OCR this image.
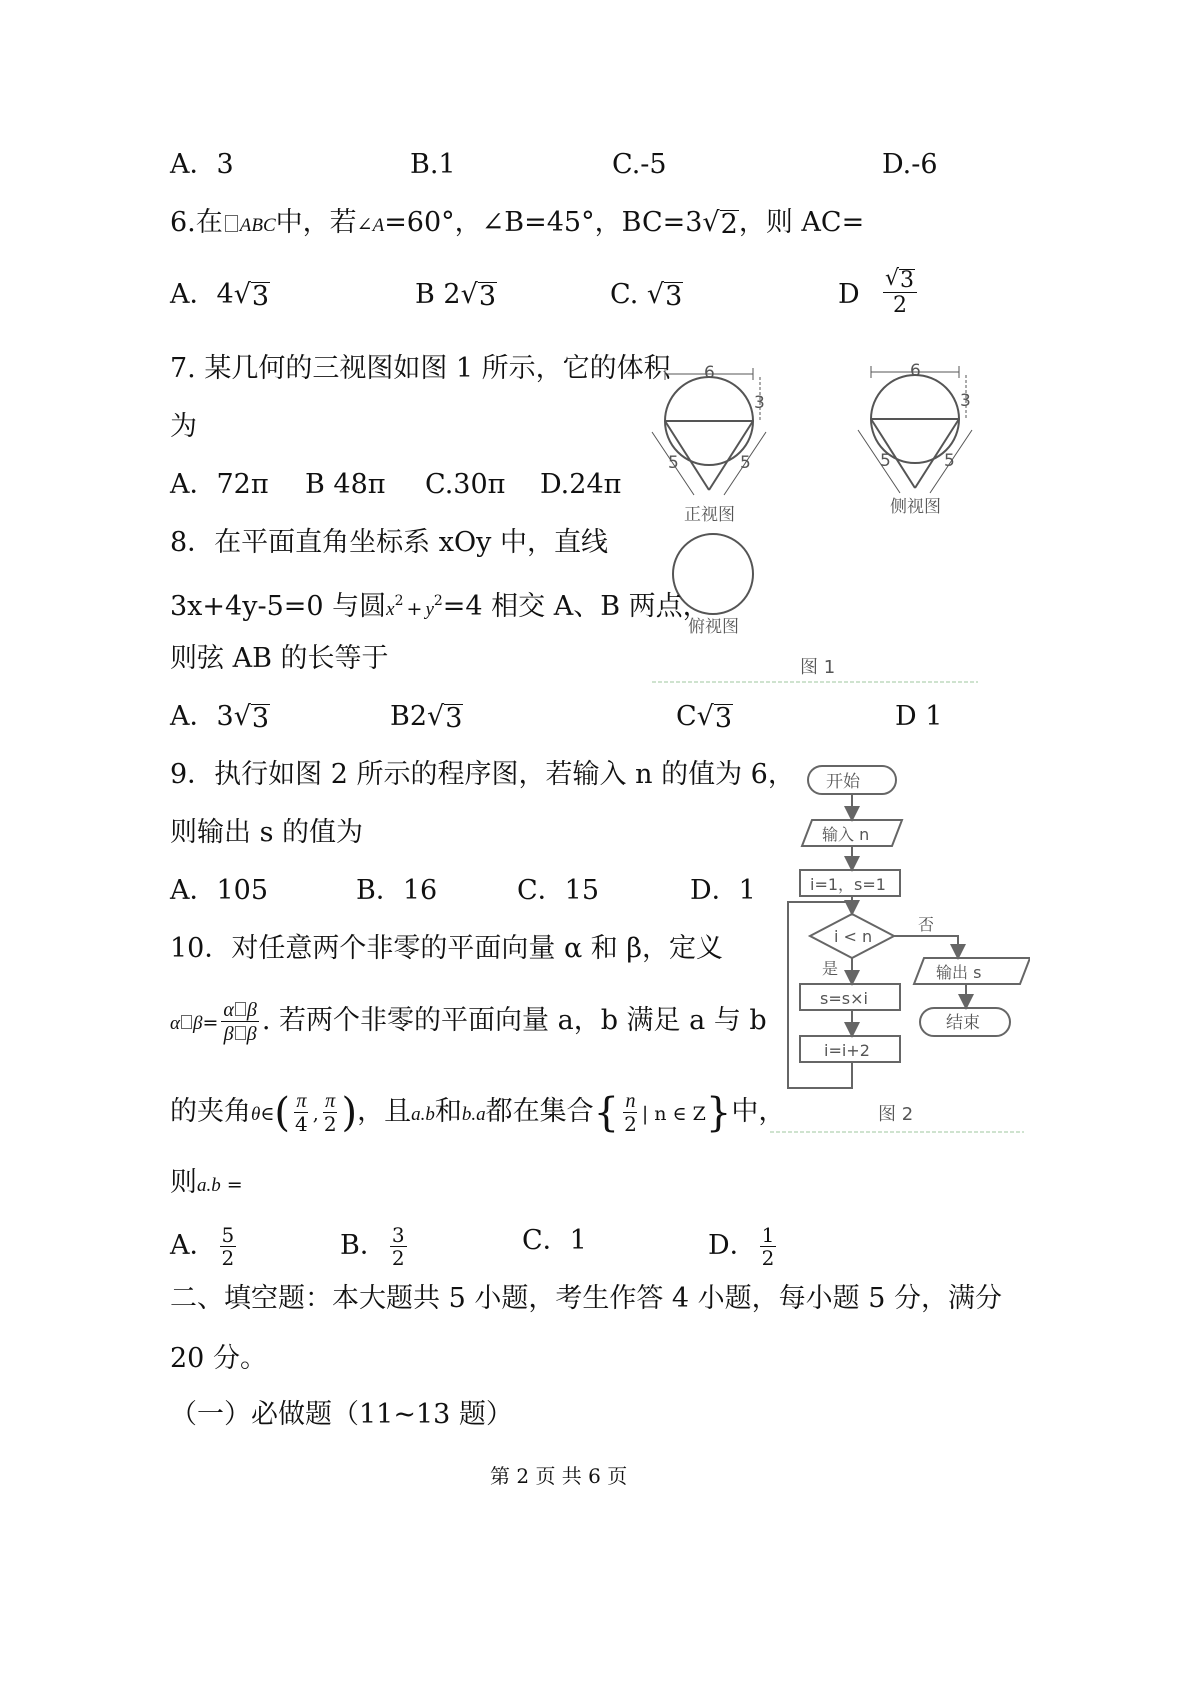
A．3	B.1	C.-5	D.-6
6.在 ABC中，若∠A=60°，∠B=45°，BC=3 √ 2 ，则 AC=
A．4 √ 3	B 2 √ 3	C. √ 3	D $\frac{√ 3}{2}$
7. 某几何的三视图如图 1 所示，它的体积
为
A．72π B 48π C.30π D.24π
6
3
5	5
正视图
6
3
5	5
侧视图
俯视图
图 1
8．在平面直角坐标系 xOy 中，直线
3x+4y-5=0 与圆$x^2 + y^2=4$ 相交 A、B 两点，
则弦 AB 的长等于
A．3 √ 3	B2 √ 3	C √ 3	D 1
9．执行如图 2 所示的程序图，若输入 n 的值为 6，
则输出 s 的值为
A．105	B．16	C．15	D．1
开始
输入 n
i=1，s=1
i < n
否
是
s=s×i
i=i+2
输出 s
结束
图 2
10．对任意两个非零的平面向量 α 和 β，定义
α $\beta= \frac{\text{α β}}{\text{β β}}$ . 若两个非零的平面向量 a，b 满足 a 与 b
的夹角θ∈( $\frac{\pi}{4}$ , $\frac{\pi}{2}$ )，且a.b和b.a都在集合{ $\frac{n}{2}$ | n ∈ Z}中，
则a.b =
A． $\frac{5}{2}$	B． $\frac{3}{2}$	C．1	D． $\frac{1}{2}$
二、填空题：本大题共 5 小题，考生作答 4 小题，每小题 5 分，满分
20 分。
（一）必做题（11~13 题）
第 2 页 共 6 页
